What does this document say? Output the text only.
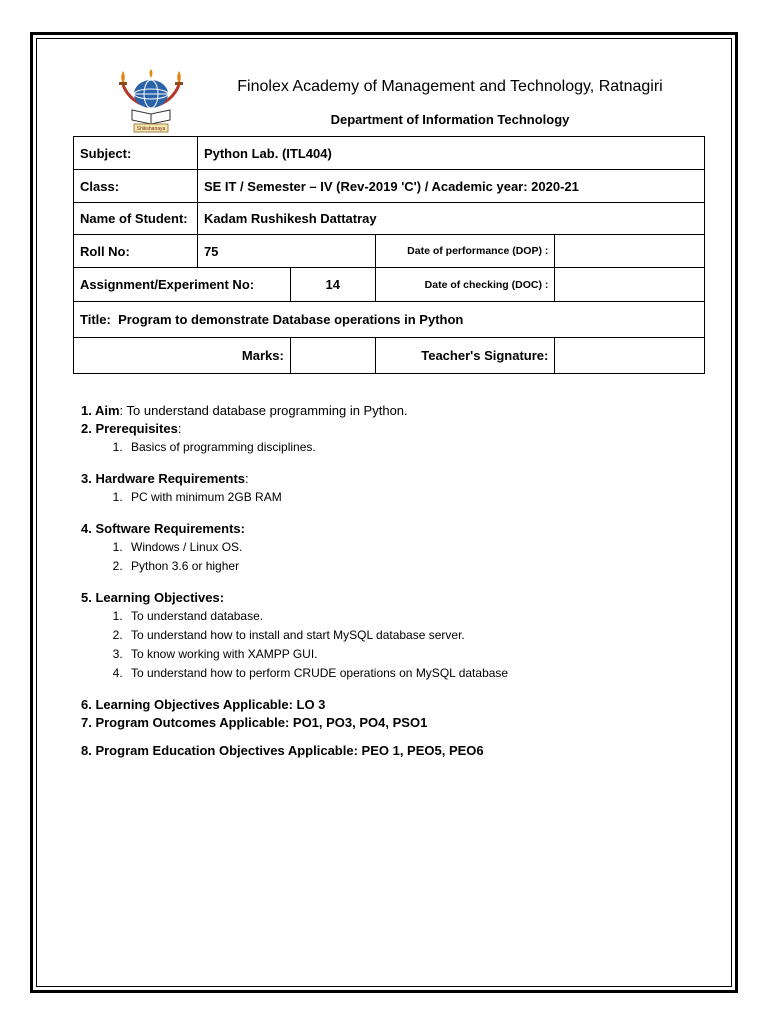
Shikshanaya
Finolex Academy of Management and Technology, Ratnagiri
Department of Information Technology
Subject:	Python Lab. (ITL404)			
Class:	SE IT / Semester – IV (Rev-2019 'C') / Academic year: 2020-21			
Name of Student:	Kadam Rushikesh Dattatray			
Roll No:	75		Date of performance (DOP) :	
Assignment/Experiment No:		14	Date of checking (DOC) :	
Title: Program to demonstrate Database operations in Python				
Marks:			Teacher's Signature:	

1. Aim: To understand database programming in Python.

2. Prerequisites:

1. Basics of programming disciplines.

3. Hardware Requirements:

1. PC with minimum 2GB RAM

4. Software Requirements:

1. Windows / Linux OS.
2. Python 3.6 or higher

5. Learning Objectives:

1. To understand database.
2. To understand how to install and start MySQL database server.
3. To know working with XAMPP GUI.
4. To understand how to perform CRUDE operations on MySQL database

6. Learning Objectives Applicable: LO 3

7. Program Outcomes Applicable: PO1, PO3, PO4, PSO1

8. Program Education Objectives Applicable: PEO 1, PEO5, PEO6
